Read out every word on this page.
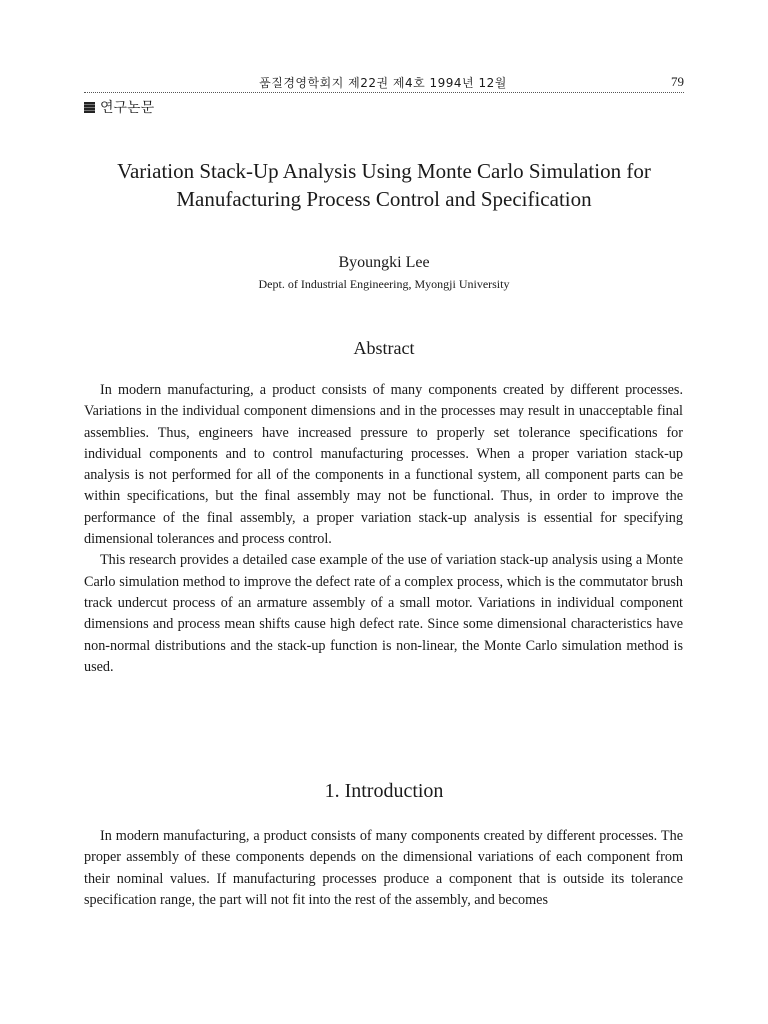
품질경영학회지 제22권 제4호 1994년 12월	79
연구논문
Variation Stack-Up Analysis Using Monte Carlo Simulation for Manufacturing Process Control and Specification
Byoungki Lee
Dept. of Industrial Engineering, Myongji University
Abstract

In modern manufacturing, a product consists of many components created by different processes. Variations in the individual component dimensions and in the processes may result in unacceptable final assemblies. Thus, engineers have increased pressure to properly set tolerance specifications for individual components and to control manufacturing processes. When a proper variation stack-up analysis is not performed for all of the components in a functional system, all component parts can be within specifications, but the final assembly may not be functional. Thus, in order to improve the performance of the final assembly, a proper variation stack-up analysis is essential for specifying dimensional tolerances and process control.

This research provides a detailed case example of the use of variation stack-up analysis using a Monte Carlo simulation method to improve the defect rate of a complex process, which is the commutator brush track undercut process of an armature assembly of a small motor. Variations in individual component dimensions and process mean shifts cause high defect rate. Since some dimensional characteristics have non-normal distributions and the stack-up function is non-linear, the Monte Carlo simulation method is used.

1. Introduction

In modern manufacturing, a product consists of many components created by different processes. The proper assembly of these components depends on the dimensional variations of each component from their nominal values. If manufacturing processes produce a component that is outside its tolerance specification range, the part will not fit into the rest of the assembly, and becomes
